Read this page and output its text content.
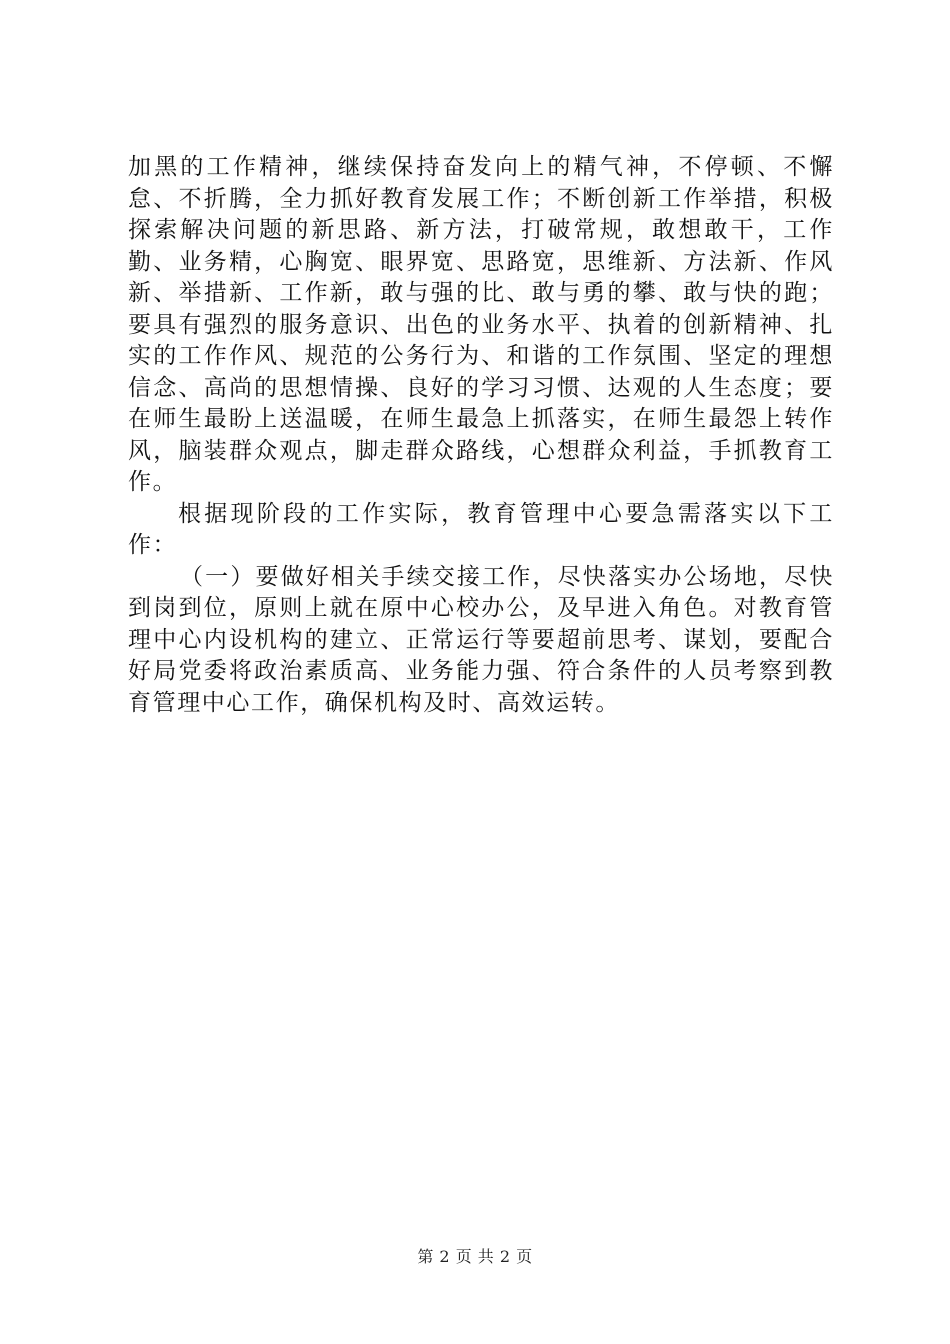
加黑的工作精神，继续保持奋发向上的精气神，不停顿、不懈怠、不折腾，全力抓好教育发展工作；不断创新工作举措，积极探索解决问题的新思路、新方法，打破常规，敢想敢干，工作勤、业务精，心胸宽、眼界宽、思路宽，思维新、方法新、作风新、举措新、工作新，敢与强的比、敢与勇的攀、敢与快的跑；要具有强烈的服务意识、出色的业务水平、执着的创新精神、扎实的工作作风、规范的公务行为、和谐的工作氛围、坚定的理想信念、高尚的思想情操、良好的学习习惯、达观的人生态度；要在师生最盼上送温暖，在师生最急上抓落实，在师生最怨上转作风，脑装群众观点，脚走群众路线，心想群众利益，手抓教育工作。

根据现阶段的工作实际，教育管理中心要急需落实以下工作：

（一）要做好相关手续交接工作，尽快落实办公场地，尽快到岗到位，原则上就在原中心校办公，及早进入角色。对教育管理中心内设机构的建立、正常运行等要超前思考、谋划，要配合好局党委将政治素质高、业务能力强、符合条件的人员考察到教育管理中心工作，确保机构及时、高效运转。

第 2 页 共 2 页
